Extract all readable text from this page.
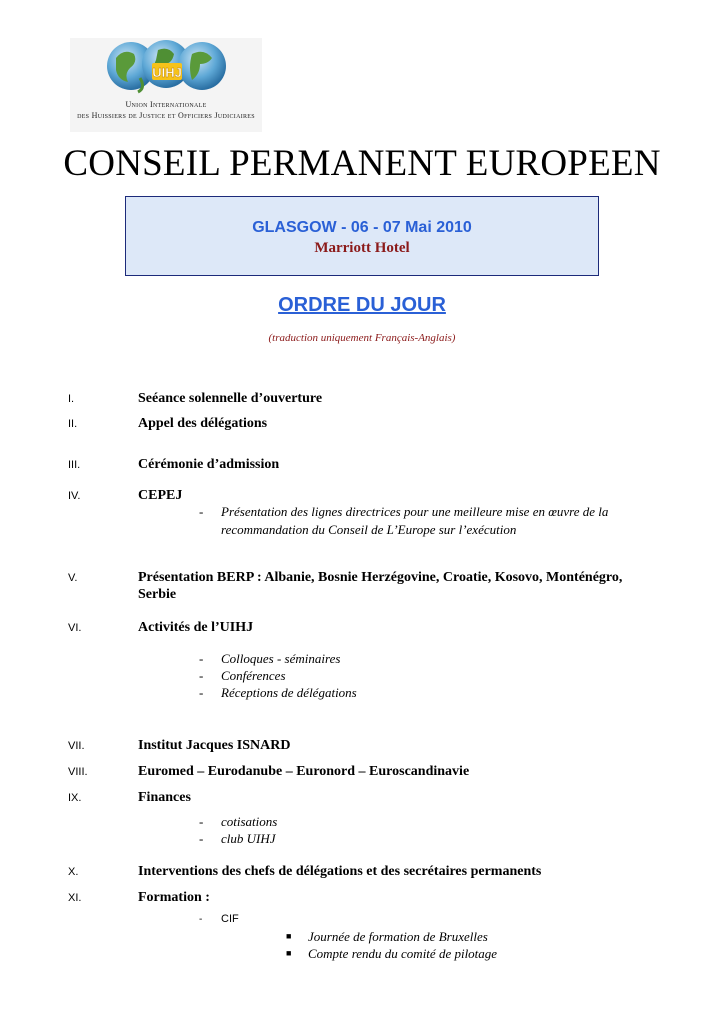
UIHJ
Union Internationale
des Huissiers de Justice et Officiers Judiciaires
CONSEIL PERMANENT EUROPEEN
GLASGOW - 06 - 07 Mai 2010
Marriott Hotel
ORDRE DU JOUR
(traduction uniquement Français-Anglais)
I.	Seéance solennelle d’ouverture
II.	Appel des délégations
III.	Cérémonie d’admission
IV.	CEPEJ
- Présentation des lignes directrices pour une meilleure mise en œuvre de la recommandation du Conseil de L’Europe sur l’exécution
V.	Présentation BERP : Albanie, Bosnie Herzégovine, Croatie, Kosovo, Monténégro, Serbie
VI.	Activités de l’UIHJ
- Colloques - séminaires
- Conférences
- Réceptions de délégations
VII.	Institut Jacques ISNARD
VIII.	Euromed – Eurodanube – Euronord – Euroscandinavie
IX.	Finances
- cotisations
- club UIHJ
X.	Interventions des chefs de délégations et des secrétaires permanents
XI.	Formation :
- CIF
■ Journée de formation de Bruxelles
■ Compte rendu du comité de pilotage
